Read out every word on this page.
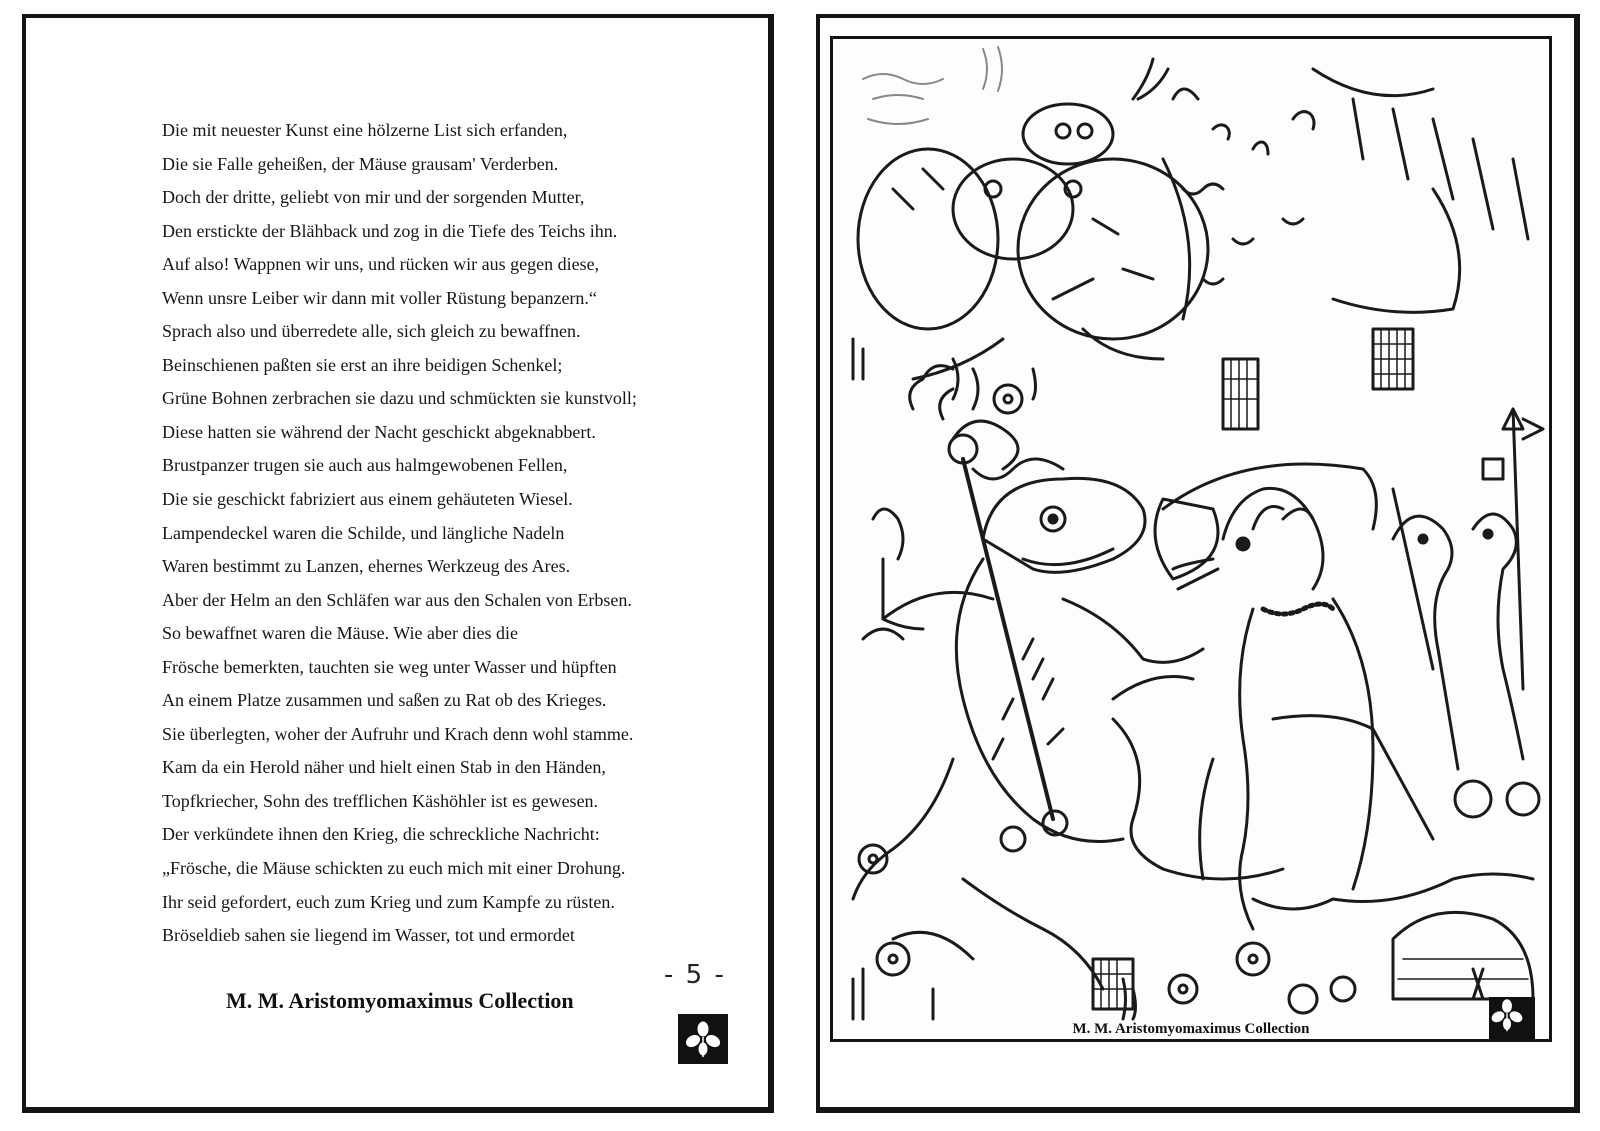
Die mit neuester Kunst eine hölzerne List sich erfanden,
Die sie Falle geheißen, der Mäuse grausam' Verderben.
Doch der dritte, geliebt von mir und der sorgenden Mutter,
Den erstickte der Blähback und zog in die Tiefe des Teichs ihn.
Auf also! Wappnen wir uns, und rücken wir aus gegen diese,
Wenn unsre Leiber wir dann mit voller Rüstung bepanzern.“
Sprach also und überredete alle, sich gleich zu bewaffnen.
Beinschienen paßten sie erst an ihre beidigen Schenkel;
Grüne Bohnen zerbrachen sie dazu und schmückten sie kunstvoll;
Diese hatten sie während der Nacht geschickt abgeknabbert.
Brustpanzer trugen sie auch aus halmgewobenen Fellen,
Die sie geschickt fabriziert aus einem gehäuteten Wiesel.
Lampendeckel waren die Schilde, und längliche Nadeln
Waren bestimmt zu Lanzen, ehernes Werkzeug des Ares.
Aber der Helm an den Schläfen war aus den Schalen von Erbsen.
So bewaffnet waren die Mäuse. Wie aber dies die
Frösche bemerkten, tauchten sie weg unter Wasser und hüpften
An einem Platze zusammen und saßen zu Rat ob des Krieges.
Sie überlegten, woher der Aufruhr und Krach denn wohl stamme.
Kam da ein Herold näher und hielt einen Stab in den Händen,
Topfkriecher, Sohn des trefflichen Käshöhler ist es gewesen.
Der verkündete ihnen den Krieg, die schreckliche Nachricht:
„Frösche, die Mäuse schickten zu euch mich mit einer Drohung.
Ihr seid gefordert, euch zum Krieg und zum Kampfe zu rüsten.
Bröseldieb sahen sie liegend im Wasser, tot und ermordet
- 5 -
M. M. Aristomyomaximus Collection
M. M. Aristomyomaximus Collection
